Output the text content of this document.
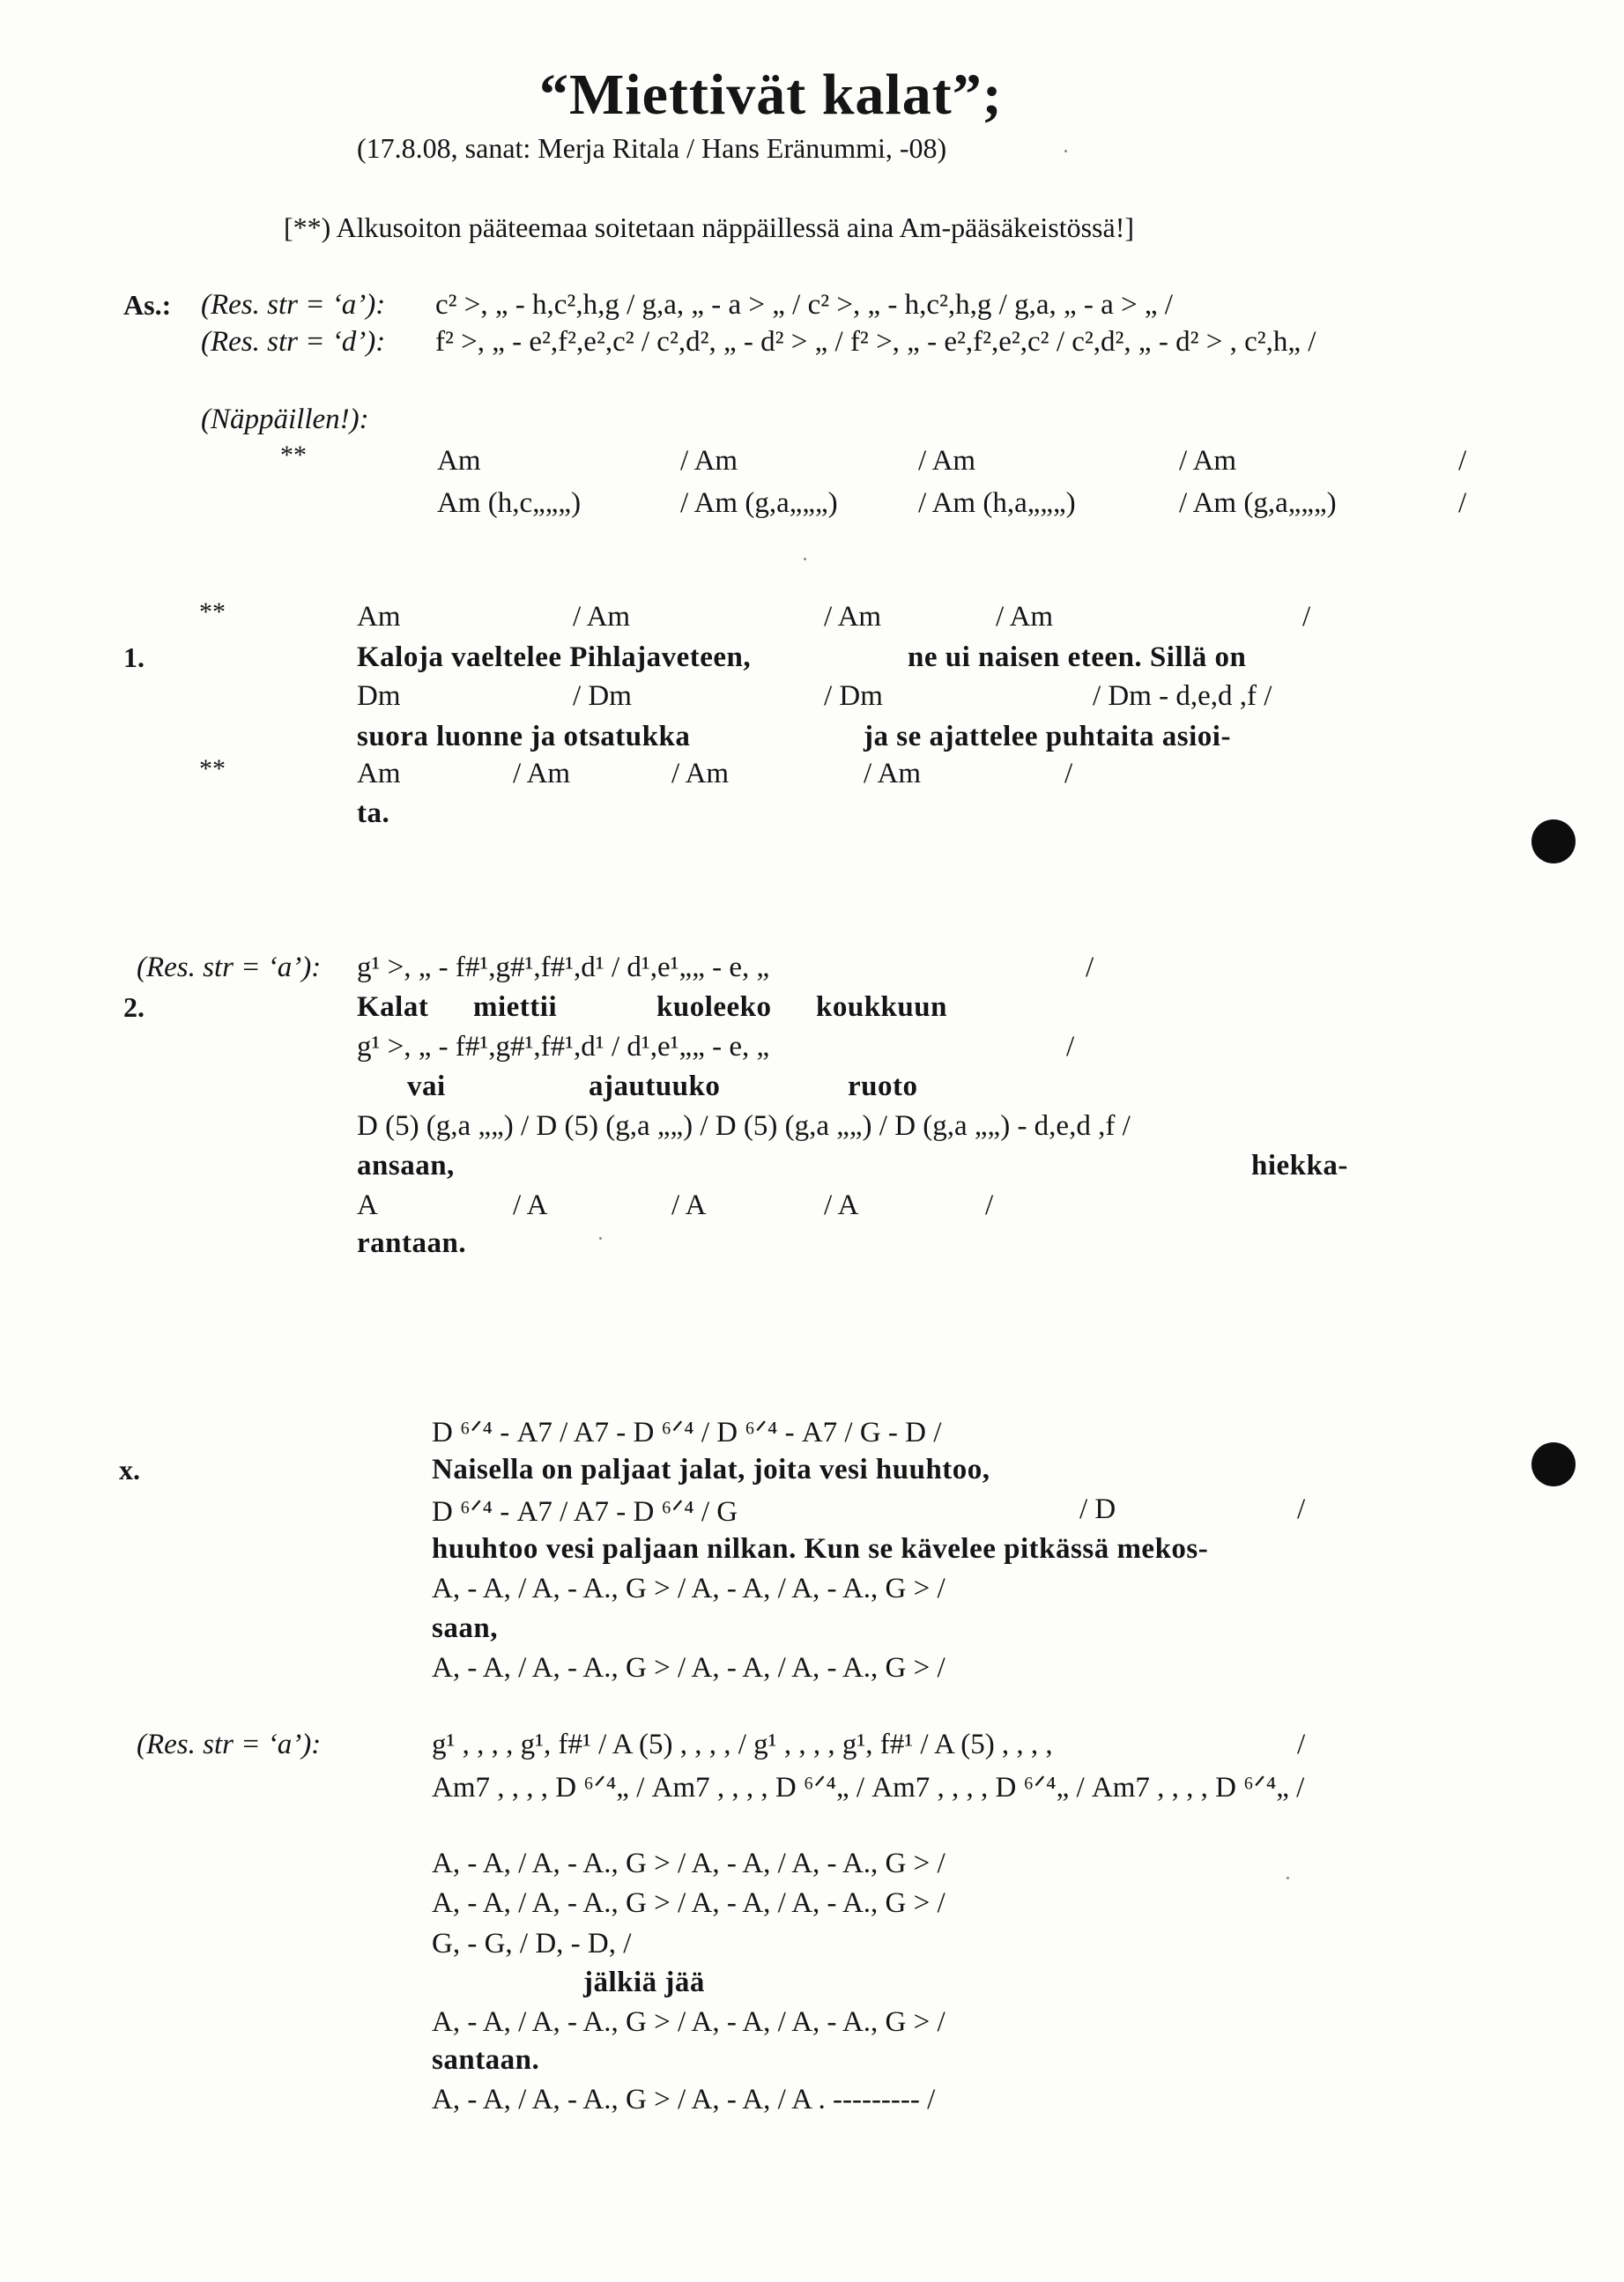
“Miettivät kalat”;
(17.8.08, sanat: Merja Ritala / Hans Eränummi, -08)
[**) Alkusoiton pääteemaa soitetaan näppäillessä aina Am-pääsäkeistössä!]
As.: (Res. str = ‘a’): c² >, „ - h,c²,h,g / g,a, „ - a > „ / c² >, „ - h,c²,h,g / g,a, „ - a > „ /
(Res. str = ‘d’): f² >, „ - e²,f²,e²,c² / c²,d², „ - d² > „ / f² >, „ - e²,f²,e²,c² / c²,d², „ - d² > , c²,h„ /
(Näppäillen!):
**	Am	/ Am	/ Am	/ Am	/
Am (h,c„„„)	/ Am (g,a„„„)	/ Am (h,a„„„)	/ Am (g,a„„„)	/
**	Am	/ Am	/ Am	/ Am	/
1.	Kaloja vaeltelee Pihlajaveteen,	ne ui naisen eteen. Sillä on
Dm	/ Dm	/ Dm	/ Dm - d,e,d ,f /
suora luonne ja otsatukka	ja se ajattelee puhtaita asioi-
**	Am	/ Am	/ Am	/ Am	/
ta.
(Res. str = ‘a’): g¹ >, „ - f#¹,g#¹,f#¹,d¹ / d¹,e¹„„ - e, „	/
2.	Kalat miettii	kuoleeko koukkuun
g¹ >, „ - f#¹,g#¹,f#¹,d¹ / d¹,e¹„„ - e, „	/
vai	ajautuuko	ruoto
D (5) (g,a „„) / D (5) (g,a „„) / D (5) (g,a „„) / D (g,a „„) - d,e,d ,f /
ansaan,	hiekka-
A	/ A	/ A	/ A	/
rantaan.
D ⁶ᐟ⁴ - A7 / A7 - D ⁶ᐟ⁴ / D ⁶ᐟ⁴ - A7 / G - D /
x.	Naisella on paljaat jalat, joita vesi huuhtoo,
D ⁶ᐟ⁴ - A7 / A7 - D ⁶ᐟ⁴ / G	/ D	/
huuhtoo vesi paljaan nilkan. Kun se kävelee pitkässä mekos-
A, - A, / A, - A., G > / A, - A, / A, - A., G > /
saan,
A, - A, / A, - A., G > / A, - A, / A, - A., G > /
(Res. str = ‘a’):	g¹ , , , , g¹, f#¹ / A (5) , , , , / g¹ , , , , g¹, f#¹ / A (5) , , , ,	/
Am7 , , , , D ⁶ᐟ⁴„ / Am7 , , , , D ⁶ᐟ⁴„ / Am7 , , , , D ⁶ᐟ⁴„ / Am7 , , , , D ⁶ᐟ⁴„ /
A, - A, / A, - A., G > / A, - A, / A, - A., G > /
A, - A, / A, - A., G > / A, - A, / A, - A., G > /
G, - G, / D, - D, /
jälkiä jää
A, - A, / A, - A., G > / A, - A, / A, - A., G > /
santaan.
A, - A, / A, - A., G > / A, - A, / A . --------- /
